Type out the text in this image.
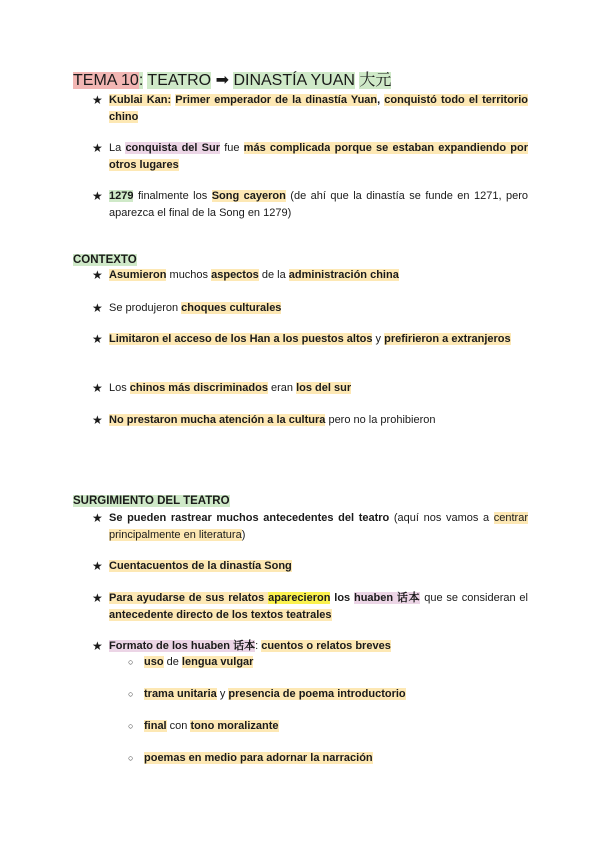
TEMA 10: TEATRO ➡ DINASTÍA YUAN 大元
★ Kublai Kan: Primer emperador de la dinastía Yuan, conquistó todo el territorio chino
★ La conquista del Sur fue más complicada porque se estaban expandiendo por otros lugares
★ 1279 finalmente los Song cayeron (de ahí que la dinastía se funde en 1271, pero aparezca el final de la Song en 1279)
CONTEXTO
★ Asumieron muchos aspectos de la administración china
★ Se produjeron choques culturales
★ Limitaron el acceso de los Han a los puestos altos y prefirieron a extranjeros
★ Los chinos más discriminados eran los del sur
★ No prestaron mucha atención a la cultura pero no la prohibieron
SURGIMIENTO DEL TEATRO
★ Se pueden rastrear muchos antecedentes del teatro (aquí nos vamos a centrar principalmente en literatura)
★ Cuentacuentos de la dinastía Song
★ Para ayudarse de sus relatos aparecieron los huaben 话本 que se consideran el antecedente directo de los textos teatrales
★ Formato de los huaben 话本: cuentos o relatos breves
○ uso de lengua vulgar
○ trama unitaria y presencia de poema introductorio
○ final con tono moralizante
○ poemas en medio para adornar la narración
